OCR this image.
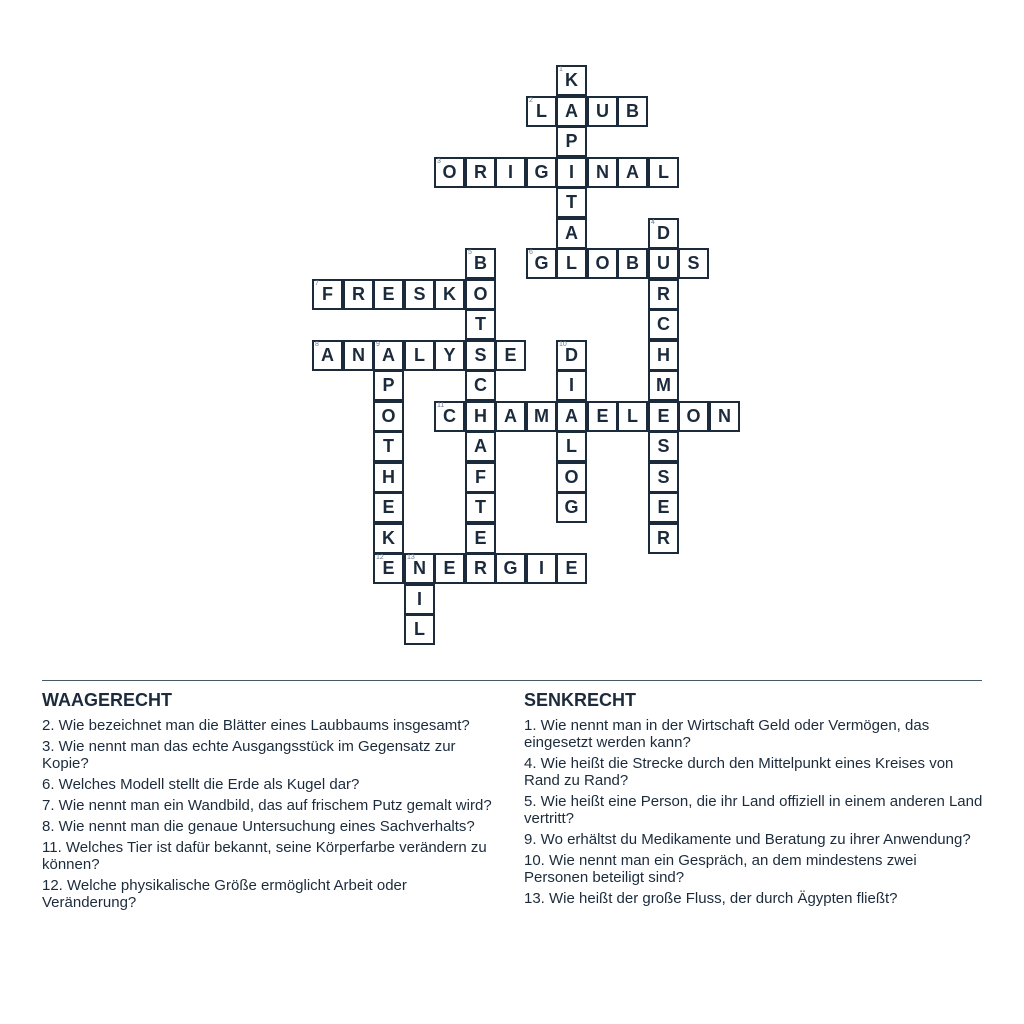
K
1
L
2
A U B
P
O
3
R I G I N A L
T
A	D
4
B
5
G
6
L O B U S
F
7
R E S K O	R
T	C
A
8
N A
9
L Y S E	D
10
H
P	C	I	M
O	C
11
H A M A E L E O N
T	A	L	S
H	F	O	S
E	T	G	E
K	E	R
E
12
N
13
E R G I E
I
L
WAAGERECHT
2. Wie bezeichnet man die Blätter eines Laubbaums insgesamt?
3. Wie nennt man das echte Ausgangsstück im Gegensatz zur Kopie?
6. Welches Modell stellt die Erde als Kugel dar?
7. Wie nennt man ein Wandbild, das auf frischem Putz gemalt wird?
8. Wie nennt man die genaue Untersuchung eines Sachverhalts?
11. Welches Tier ist dafür bekannt, seine Körperfarbe verändern zu können?
12. Welche physikalische Größe ermöglicht Arbeit oder Veränderung?
SENKRECHT
1. Wie nennt man in der Wirtschaft Geld oder Vermögen, das eingesetzt werden kann?
4. Wie heißt die Strecke durch den Mittelpunkt eines Kreises von Rand zu Rand?
5. Wie heißt eine Person, die ihr Land offiziell in einem anderen Land vertritt?
9. Wo erhältst du Medikamente und Beratung zu ihrer Anwendung?
10. Wie nennt man ein Gespräch, an dem mindestens zwei Personen beteiligt sind?
13. Wie heißt der große Fluss, der durch Ägypten fließt?
